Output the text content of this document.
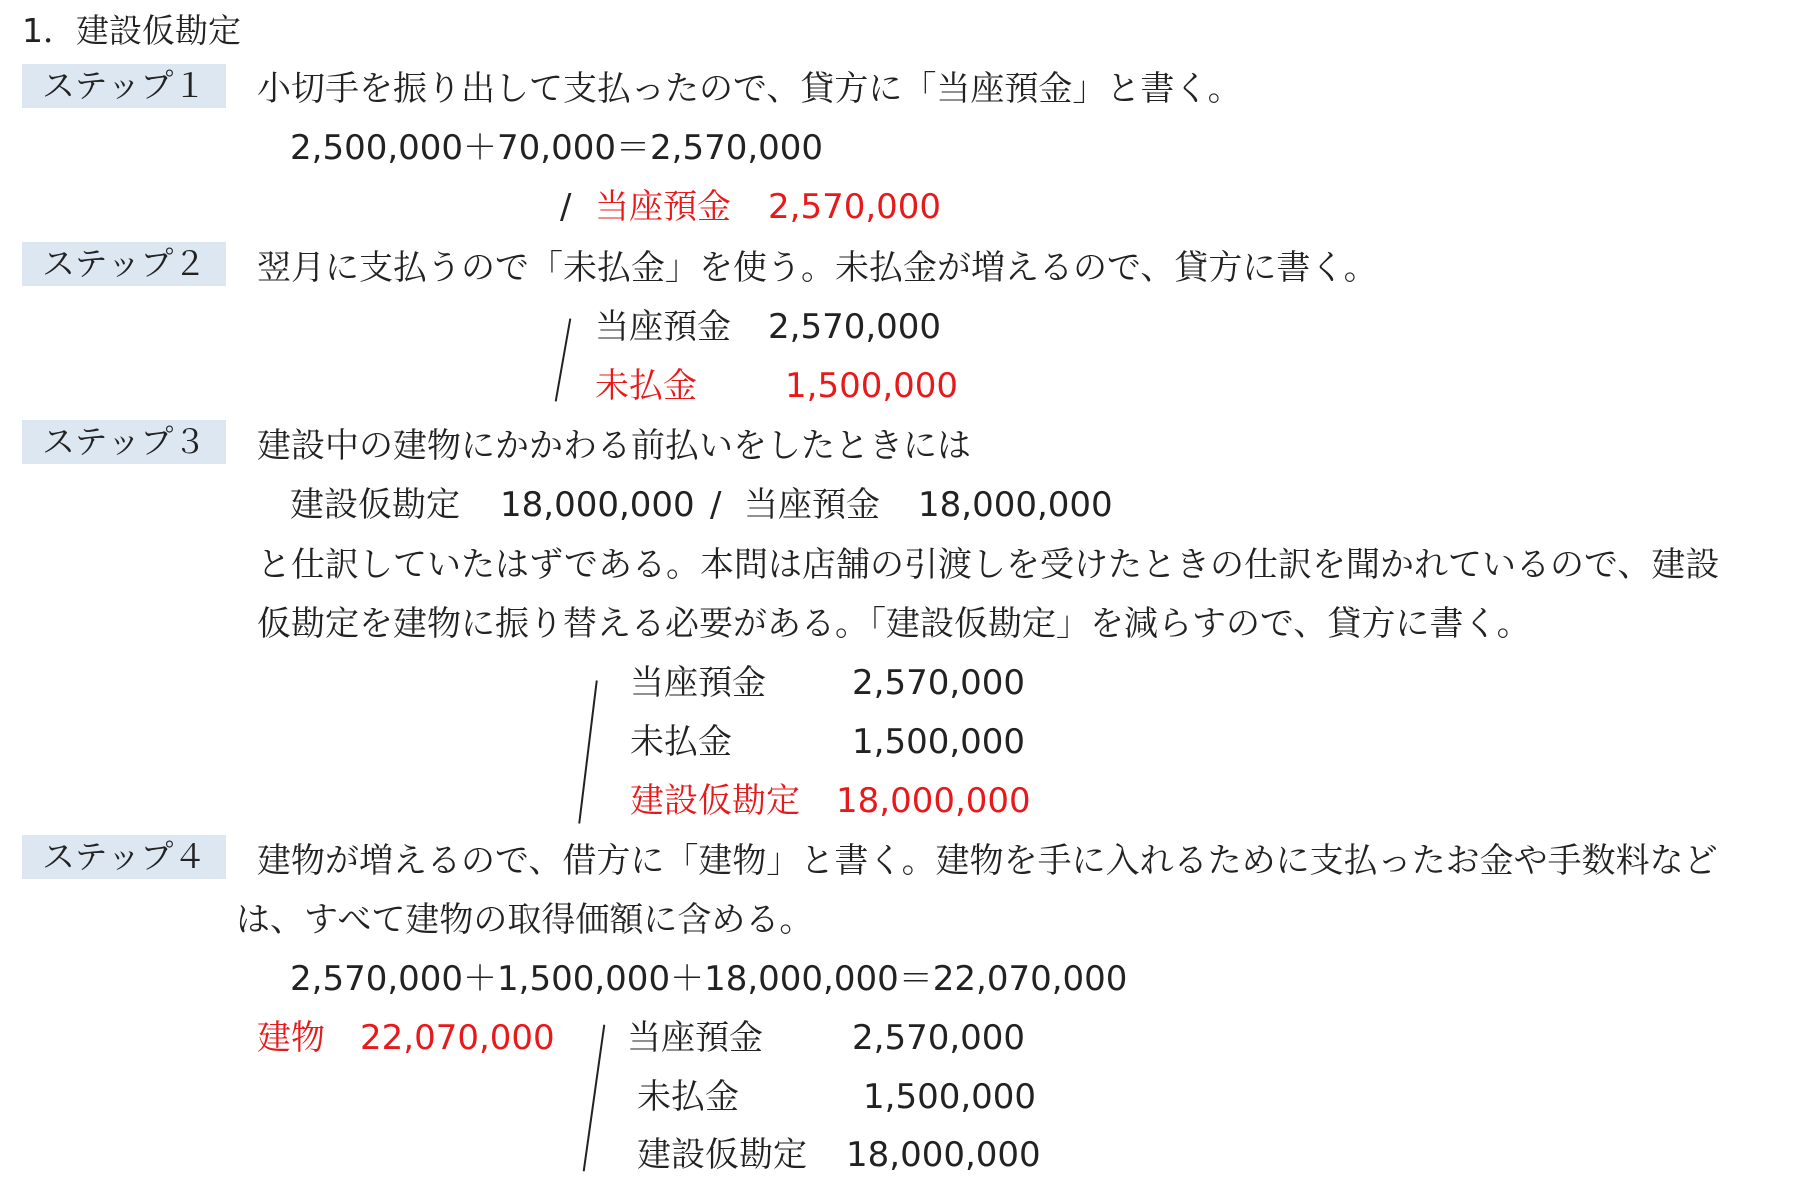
1．建設仮勘定
ステップ１	小切手を振り出して支払ったので、貸方に「当座預金」と書く。
2,500,000＋70,000＝2,570,000
/ 当座預金 2,570,000
ステップ２	翌月に支払うので「未払金」を使う。未払金が増えるので、貸方に書く。
当座預金 2,570,000
未払金	1,500,000
ステップ３	建設中の建物にかかわる前払いをしたときには
建設仮勘定 18,000,000 / 当座預金 18,000,000
と仕訳していたはずである。本問は店舗の引渡しを受けたときの仕訳を聞かれているので、建設
仮勘定を建物に振り替える必要がある。「建設仮勘定」を減らすので、貸方に書く。
当座預金	2,570,000
未払金	1,500,000
建設仮勘定 18,000,000
ステップ４	建物が増えるので、借方に「建物」と書く。建物を手に入れるために支払ったお金や手数料など
は、すべて建物の取得価額に含める。
2,570,000＋1,500,000＋18,000,000＝22,070,000
建物 22,070,000 当座預金	2,570,000
未払金	1,500,000
建設仮勘定 18,000,000
